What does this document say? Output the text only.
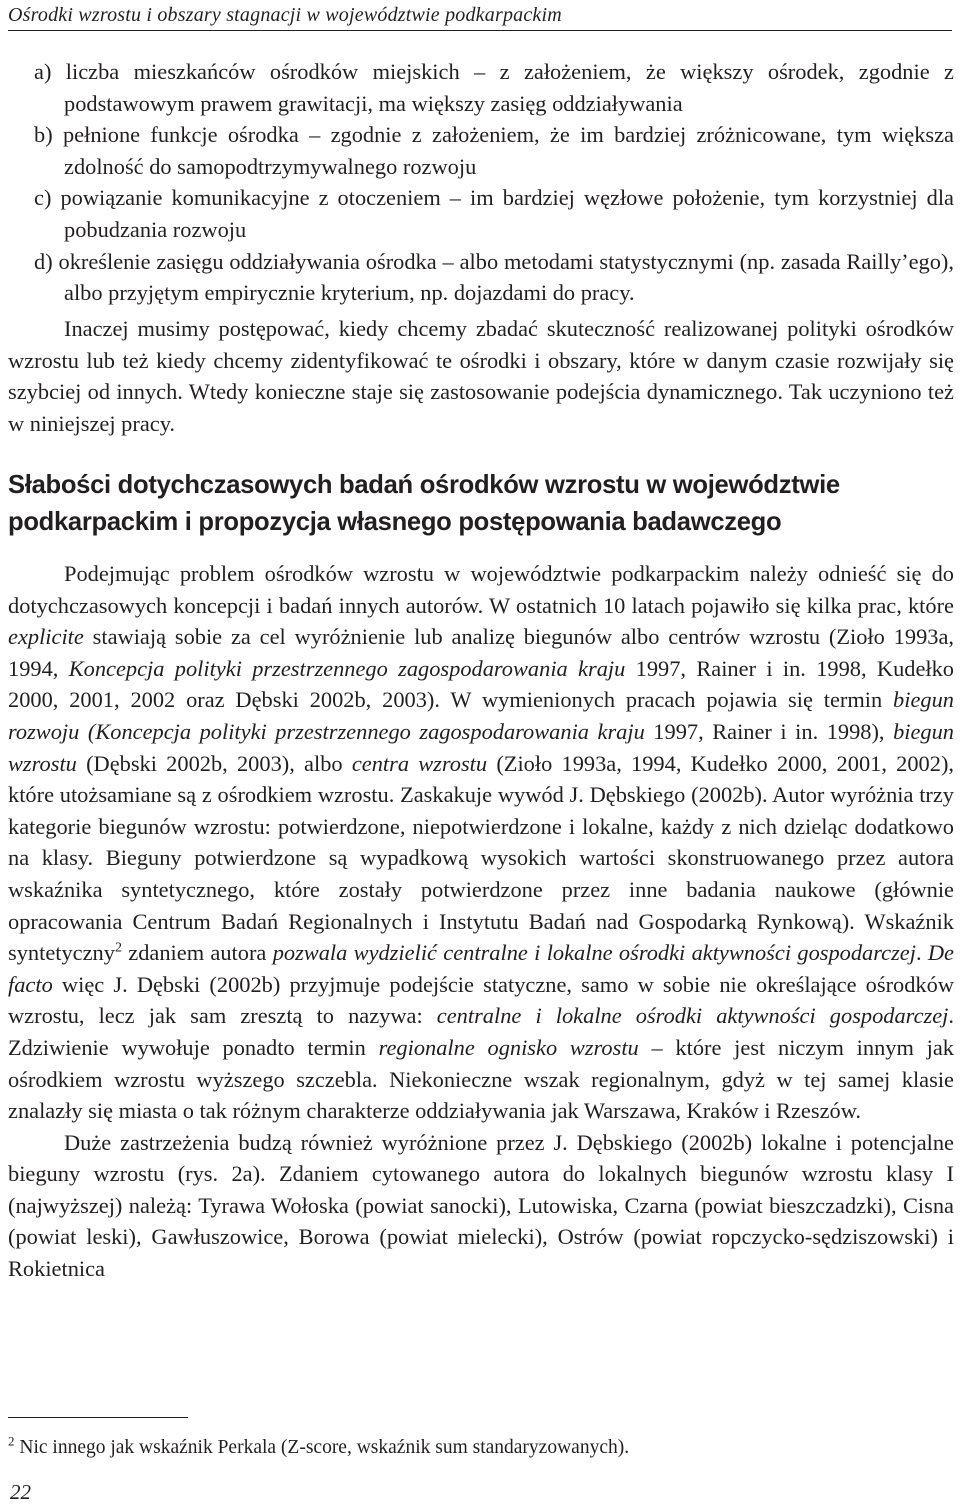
Ośrodki wzrostu i obszary stagnacji w województwie podkarpackim

a) liczba mieszkańców ośrodków miejskich – z założeniem, że większy ośrodek, zgodnie z podstawowym prawem grawitacji, ma większy zasięg oddziaływania

b) pełnione funkcje ośrodka – zgodnie z założeniem, że im bardziej zróżnicowane, tym większa zdolność do samopodtrzymywalnego rozwoju

c) powiązanie komunikacyjne z otoczeniem – im bardziej węzłowe położenie, tym korzystniej dla pobudzania rozwoju

d) określenie zasięgu oddziaływania ośrodka – albo metodami statystycznymi (np. zasada Railly’ego), albo przyjętym empirycznie kryterium, np. dojazdami do pracy.

Inaczej musimy postępować, kiedy chcemy zbadać skuteczność realizowanej polityki ośrodków wzrostu lub też kiedy chcemy zidentyfikować te ośrodki i obszary, które w danym czasie rozwijały się szybciej od innych. Wtedy konieczne staje się zastosowanie podejścia dynamicznego. Tak uczyniono też w niniejszej pracy.

Słabości dotychczasowych badań ośrodków wzrostu w województwie
podkarpackim i propozycja własnego postępowania badawczego

Podejmując problem ośrodków wzrostu w województwie podkarpackim należy odnieść się do dotychczasowych koncepcji i badań innych autorów. W ostatnich 10 latach pojawiło się kilka prac, które explicite stawiają sobie za cel wyróżnienie lub analizę biegunów albo centrów wzrostu (Zioło 1993a, 1994, Koncepcja polityki przestrzennego zagospodarowania kraju 1997, Rainer i in. 1998, Kudełko 2000, 2001, 2002 oraz Dębski 2002b, 2003). W wymienionych pracach pojawia się termin biegun rozwoju (Koncepcja polityki przestrzennego zagospodarowania kraju 1997, Rainer i in. 1998), biegun wzrostu (Dębski 2002b, 2003), albo centra wzrostu (Zioło 1993a, 1994, Kudełko 2000, 2001, 2002), które utożsamiane są z ośrodkiem wzrostu. Zaskakuje wywód J. Dębskiego (2002b). Autor wyróżnia trzy kategorie biegunów wzrostu: potwierdzone, niepotwierdzone i lokalne, każdy z nich dzieląc dodatkowo na klasy. Bieguny potwierdzone są wypadkową wysokich wartości skonstruowanego przez autora wskaźnika syntetycznego, które zostały potwierdzone przez inne badania naukowe (głównie opracowania Centrum Badań Regionalnych i Instytutu Badań nad Gospodarką Rynkową). Wskaźnik syntetyczny$^2$ zdaniem autora pozwala wydzielić centralne i lokalne ośrodki aktywności gospodarczej. De facto więc J. Dębski (2002b) przyjmuje podejście statyczne, samo w sobie nie określające ośrodków wzrostu, lecz jak sam zresztą to nazywa: centralne i lokalne ośrodki aktywności gospodarczej. Zdziwienie wywołuje ponadto termin regionalne ognisko wzrostu – które jest niczym innym jak ośrodkiem wzrostu wyższego szczebla. Niekonieczne wszak regionalnym, gdyż w tej samej klasie znalazły się miasta o tak różnym charakterze oddziaływania jak Warszawa, Kraków i Rzeszów.

Duże zastrzeżenia budzą również wyróżnione przez J. Dębskiego (2002b) lokalne i potencjalne bieguny wzrostu (rys. 2a). Zdaniem cytowanego autora do lokalnych biegunów wzrostu klasy I (najwyższej) należą: Tyrawa Wołoska (powiat sanocki), Lutowiska, Czarna (powiat bieszczadzki), Cisna (powiat leski), Gawłuszowice, Borowa (powiat mielecki), Ostrów (powiat ropczycko-sędziszowski) i Rokietnica

$^2$ Nic innego jak wskaźnik Perkala (Z-score, wskaźnik sum standaryzowanych).
22
